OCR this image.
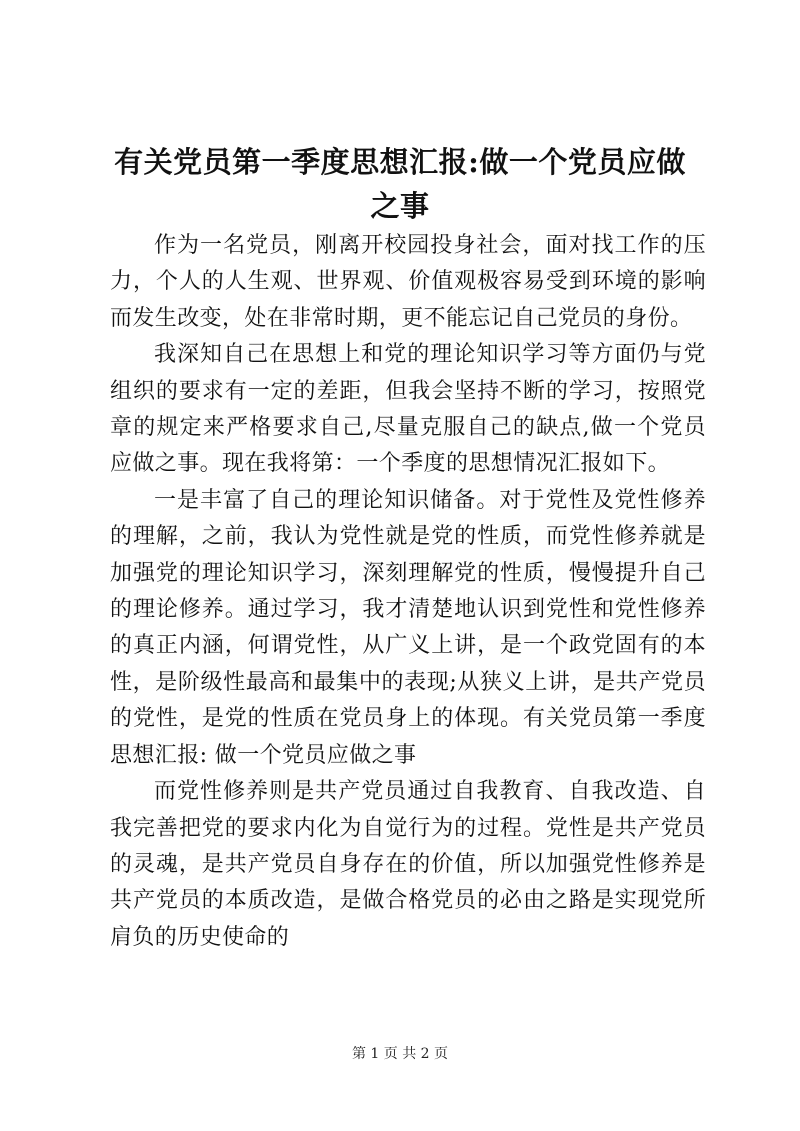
有关党员第一季度思想汇报:做一个党员应做之事

作为一名党员，刚离开校园投身社会，面对找工作的压力，个人的人生观、世界观、价值观极容易受到环境的影响而发生改变，处在非常时期，更不能忘记自己党员的身份。

我深知自己在思想上和党的理论知识学习等方面仍与党组织的要求有一定的差距，但我会坚持不断的学习，按照党章的规定来严格要求自己,尽量克服自己的缺点,做一个党员应做之事。现在我将第：一个季度的思想情况汇报如下。

一是丰富了自己的理论知识储备。对于党性及党性修养的理解，之前，我认为党性就是党的性质，而党性修养就是加强党的理论知识学习，深刻理解党的性质，慢慢提升自己的理论修养。通过学习，我才清楚地认识到党性和党性修养的真正内涵，何谓党性，从广义上讲，是一个政党固有的本性，是阶级性最高和最集中的表现;从狭义上讲，是共产党员的党性，是党的性质在党员身上的体现。有关党员第一季度思想汇报: 做一个党员应做之事

而党性修养则是共产党员通过自我教育、自我改造、自我完善把党的要求内化为自觉行为的过程。党性是共产党员的灵魂，是共产党员自身存在的价值，所以加强党性修养是共产党员的本质改造，是做合格党员的必由之路是实现党所肩负的历史使命的

第 1 页 共 2 页
